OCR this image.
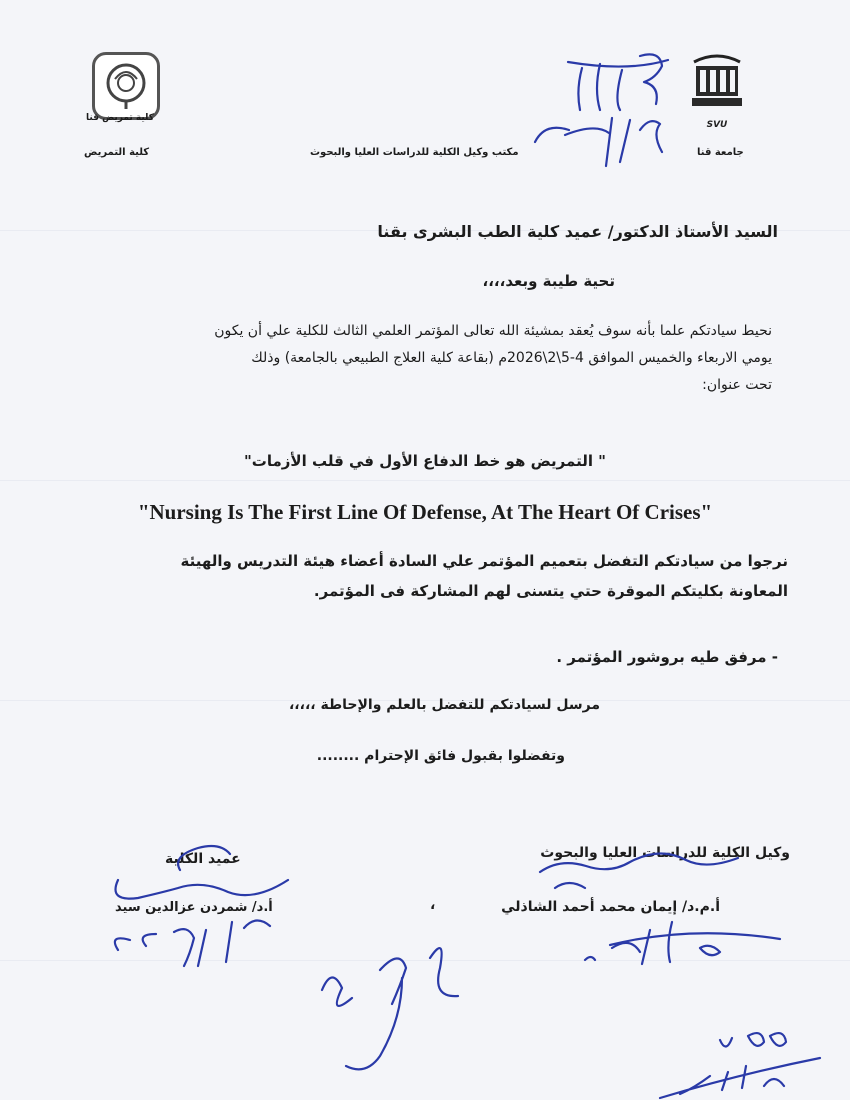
كلية تمريض قنا
SVU
كلية التمريض	مكتب وكيل الكلية للدراسات العليا والبحوث	جامعة قنا
السيد الأستاذ الدكتور/ عميد كلية الطب البشرى بقنا
تحية طيبة وبعد،،،،
نحيط سيادتكم علما بأنه سوف يُعقد بمشيئة الله تعالى المؤتمر العلمي الثالث للكلية علي أن يكون
يومي الاربعاء والخميس الموافق 4-5\2\2026م (بقاعة كلية العلاج الطبيعي بالجامعة) وذلك
تحت عنوان:
" التمريض هو خط الدفاع الأول في قلب الأزمات"
"Nursing Is The First Line Of Defense, At The Heart Of Crises"
نرجوا من سيادتكم التفضل بتعميم المؤتمر علي السادة أعضاء هيئة التدريس والهيئة
المعاونة بكليتكم الموقرة حتي يتسنى لهم المشاركة فى المؤتمر.
- مرفق طيه بروشور المؤتمر .
مرسل لسيادتكم للتفضل بالعلم والإحاطة ،،،،،
وتفضلوا بقبول فائق الإحترام ........
وكيل الكلية للدراسات العليا والبحوث
أ.م.د/ إيمان محمد أحمد الشاذلي
عميد الكلية
أ.د/ شمردن عزالدين سيد	،
